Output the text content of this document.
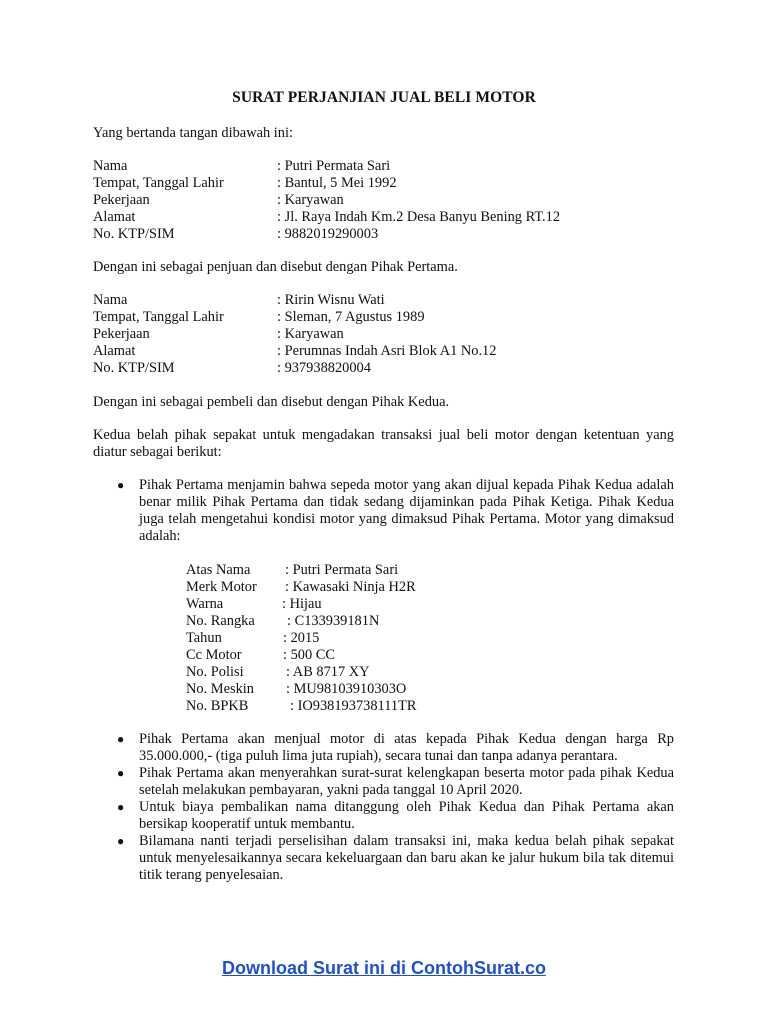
SURAT PERJANJIAN JUAL BELI MOTOR
Yang bertanda tangan dibawah ini:
Nama	: Putri Permata Sari
Tempat, Tanggal Lahir	: Bantul, 5 Mei 1992
Pekerjaan	: Karyawan
Alamat	: Jl. Raya Indah Km.2 Desa Banyu Bening RT.12
No. KTP/SIM	: 9882019290003
Dengan ini sebagai penjuan dan disebut dengan Pihak Pertama.
Nama	: Ririn Wisnu Wati
Tempat, Tanggal Lahir	: Sleman, 7 Agustus 1989
Pekerjaan	: Karyawan
Alamat	: Perumnas Indah Asri Blok A1 No.12
No. KTP/SIM	: 937938820004
Dengan ini sebagai pembeli dan disebut dengan Pihak Kedua.
Kedua belah pihak sepakat untuk mengadakan transaksi jual beli motor dengan ketentuan yang diatur sebagai berikut:
● Pihak Pertama menjamin bahwa sepeda motor yang akan dijual kepada Pihak Kedua adalah benar milik Pihak Pertama dan tidak sedang dijaminkan pada Pihak Ketiga. Pihak Kedua juga telah mengetahui kondisi motor yang dimaksud Pihak Pertama. Motor yang dimaksud adalah:
Atas Nama : Putri Permata Sari
Merk Motor : Kawasaki Ninja H2R
Warna	: Hijau
No. Rangka : C133939181N
Tahun	: 2015
Cc Motor	: 500 CC
No. Polisi	: AB 8717 XY
No. Meskin : MU98103910303O
No. BPKB	: IO938193738111TR
● Pihak Pertama akan menjual motor di atas kepada Pihak Kedua dengan harga Rp 35.000.000,- (tiga puluh lima juta rupiah), secara tunai dan tanpa adanya perantara.
● Pihak Pertama akan menyerahkan surat-surat kelengkapan beserta motor pada pihak Kedua setelah melakukan pembayaran, yakni pada tanggal 10 April 2020.
● Untuk biaya pembalikan nama ditanggung oleh Pihak Kedua dan Pihak Pertama akan bersikap kooperatif untuk membantu.
● Bilamana nanti terjadi perselisihan dalam transaksi ini, maka kedua belah pihak sepakat untuk menyelesaikannya secara kekeluargaan dan baru akan ke jalur hukum bila tak ditemui titik terang penyelesaian.
Download Surat ini di ContohSurat.co
